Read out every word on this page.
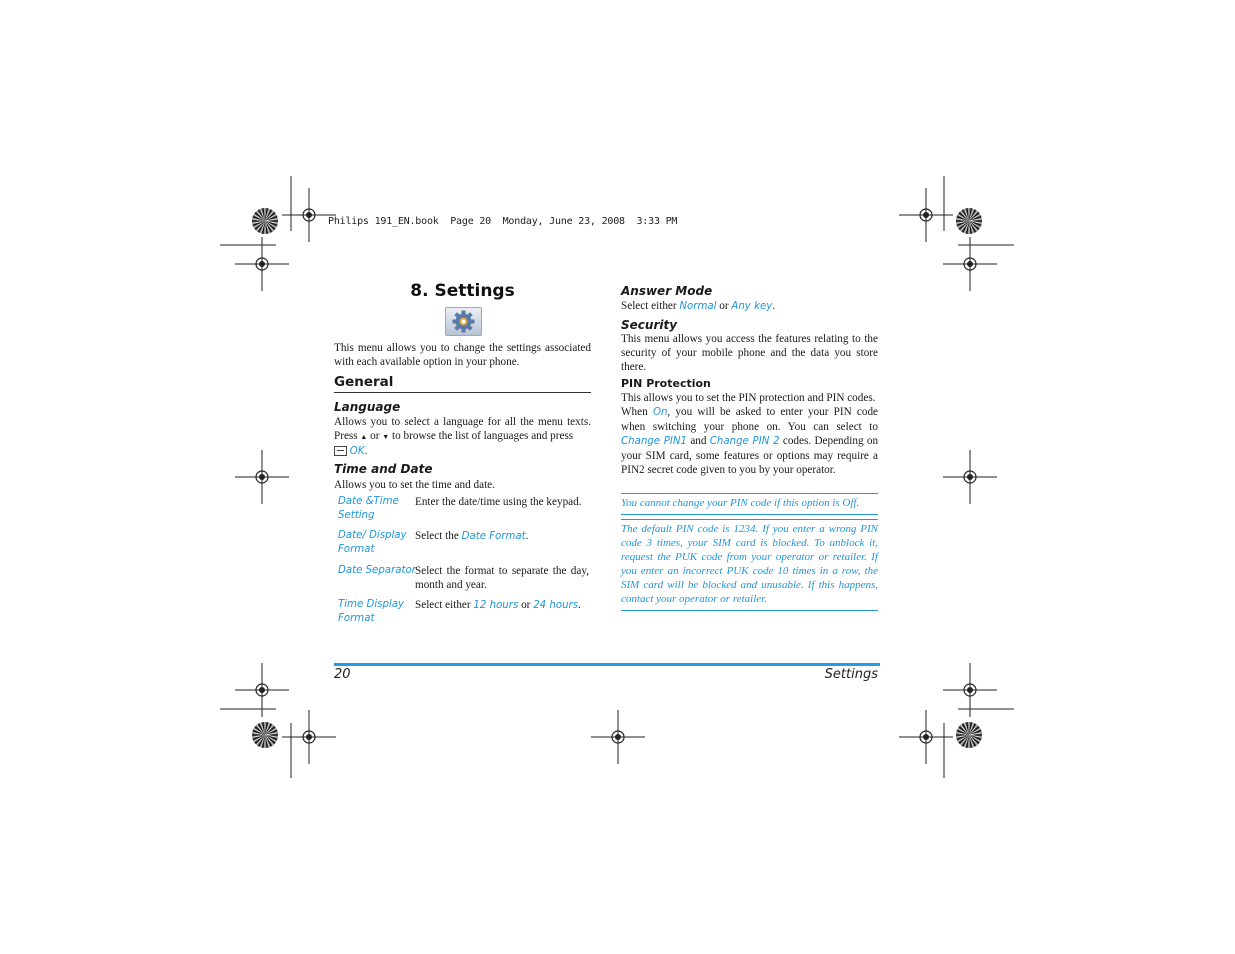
Philips 191_EN.book  Page 20  Monday, June 23, 2008  3:33 PM
8. Settings
This menu allows you to change the settings associated with each available option in your phone.
General
Language
Allows you to select a language for all the menu texts. Press ▲ or ▼ to browse the list of languages and press

OK.
Time and Date
Allows you to set the time and date.
Date &Time Setting
Enter the date/time using the keypad.
Date/ Display Format
Select the Date Format.
Date Separator Select the format to separate the day, month and year.
Time Display Format
Select either 12 hours or 24 hours.
Answer Mode
Select either Normal or Any key.
Security
This menu allows you access the features relating to the security of your mobile phone and the data you store there.
PIN Protection
This allows you to set the PIN protection and PIN codes.
When On, you will be asked to enter your PIN code when switching your phone on. You can select to Change PIN1 and Change PIN 2 codes. Depending on your SIM card, some features or options may require a PIN2 secret code given to you by your operator.
You cannot change your PIN code if this option is Off.
The default PIN code is 1234. If you enter a wrong PIN code 3 times, your SIM card is blocked. To unblock it, request the PUK code from your operator or retailer. If you enter an incorrect PUK code 10 times in a row, the SIM card will be blocked and unusable. If this happens, contact your operator or retailer.
20	Settings
